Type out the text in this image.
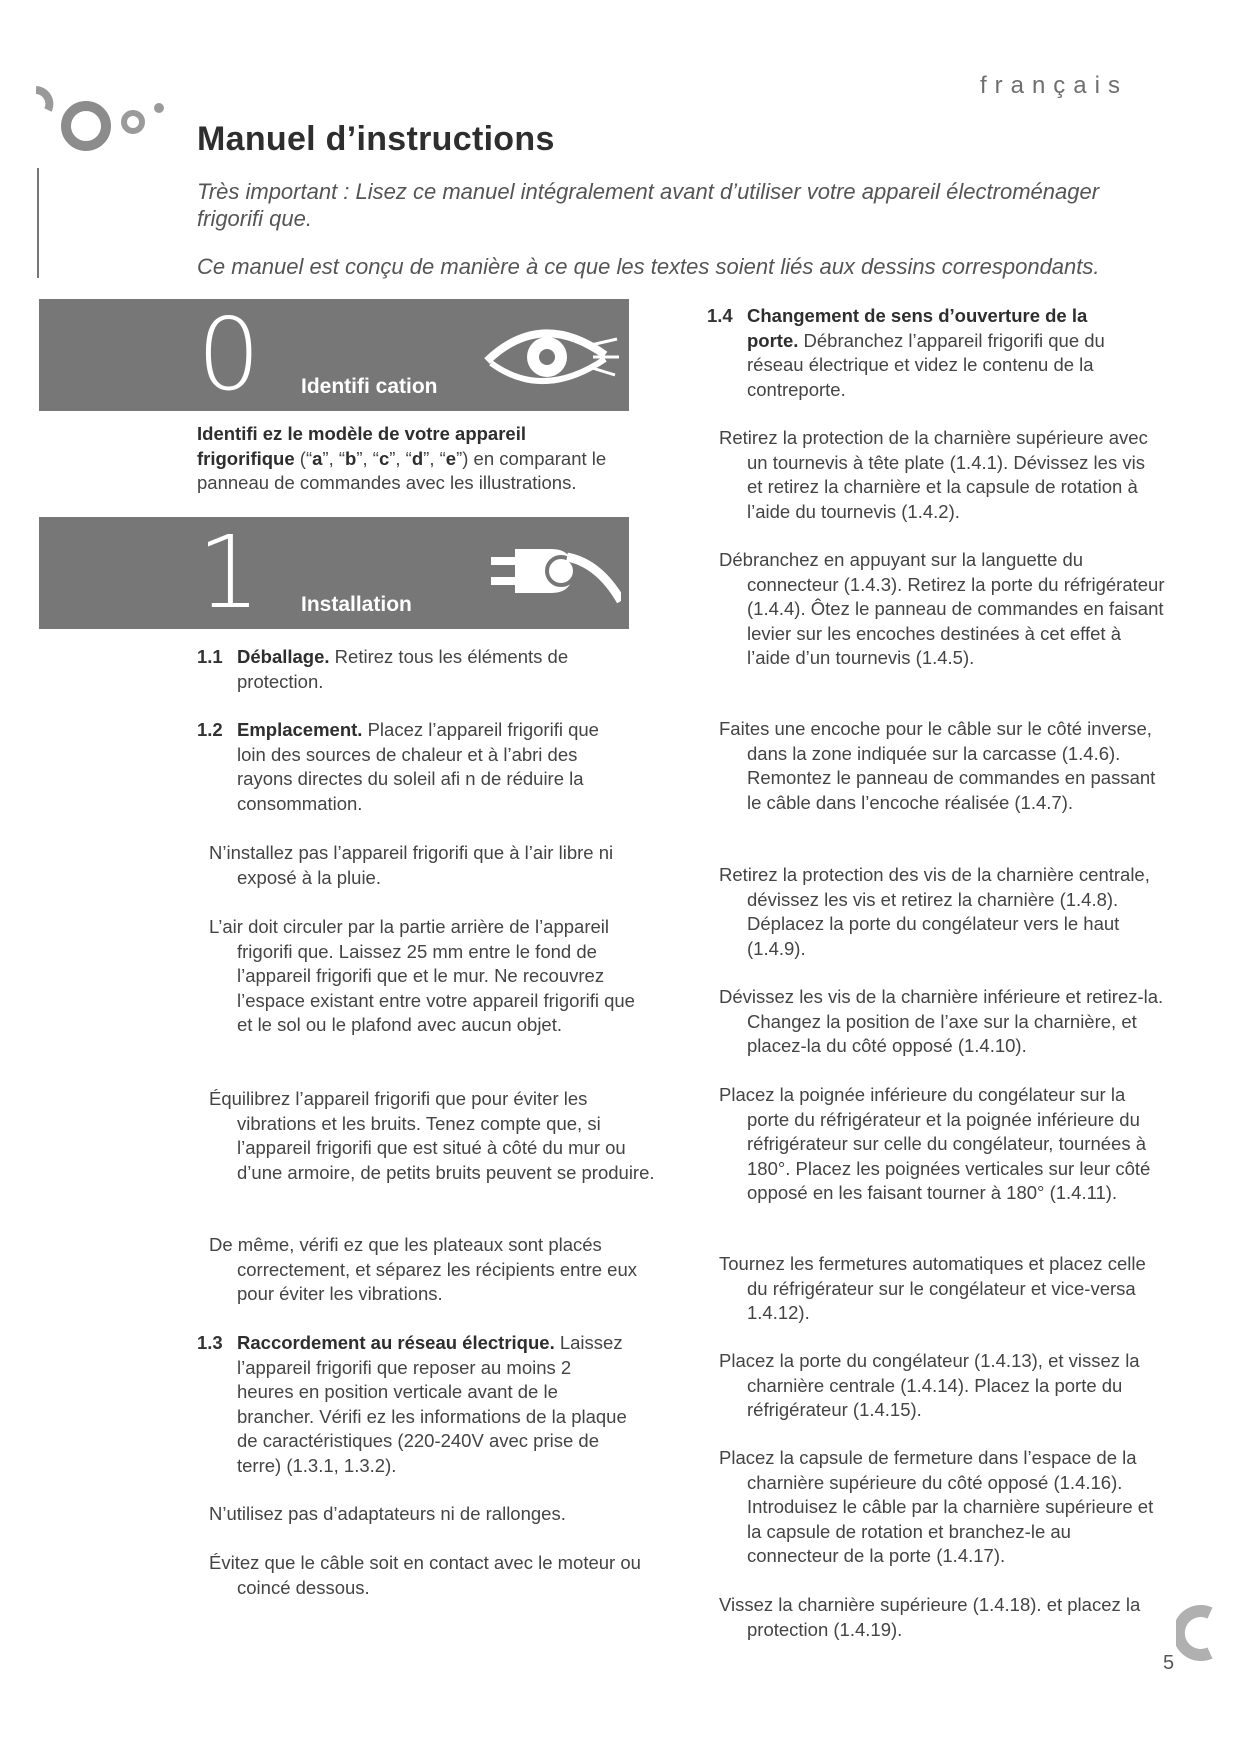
français
Manuel d’instructions
Très important : Lisez ce manuel intégralement avant d’utiliser votre appareil électroménager
frigorifi que.
Ce manuel est conçu de manière à ce que les textes soient liés aux dessins correspondants.
0 Identifi cation
Identifi ez le modèle de votre appareil frigorifique (“a”, “b”, “c”, “d”, “e”) en comparant le panneau de commandes avec les illustrations.
1 Installation
1.1 Déballage. Retirez tous les éléments de protection.
1.2 Emplacement. Placez l’appareil frigorifi que loin des sources de chaleur et à l’abri des rayons directes du soleil afi n de réduire la consommation.
N’installez pas l’appareil frigorifi que à l’air libre ni exposé à la pluie.
L’air doit circuler par la partie arrière de l’appareil frigorifi que. Laissez 25 mm entre le fond de l’appareil frigorifi que et le mur. Ne recouvrez l’espace existant entre votre appareil frigorifi que et le sol ou le plafond avec aucun objet.
Équilibrez l’appareil frigorifi que pour éviter les vibrations et les bruits. Tenez compte que, si l’appareil frigorifi que est situé à côté du mur ou d’une armoire, de petits bruits peuvent se produire.
De même, vérifi ez que les plateaux sont placés correctement, et séparez les récipients entre eux pour éviter les vibrations.
1.3 Raccordement au réseau électrique. Laissez l’appareil frigorifi que reposer au moins 2 heures en position verticale avant de le brancher. Vérifi ez les informations de la plaque de caractéristiques (220-240V avec prise de terre) (1.3.1, 1.3.2).
N’utilisez pas d’adaptateurs ni de rallonges.
Évitez que le câble soit en contact avec le moteur ou coincé dessous.
1.4 Changement de sens d’ouverture de la porte. Débranchez l’appareil frigorifi que du réseau électrique et videz le contenu de la contreporte.
Retirez la protection de la charnière supérieure avec un tournevis à tête plate (1.4.1). Dévissez les vis et retirez la charnière et la capsule de rotation à l’aide du tournevis (1.4.2).
Débranchez en appuyant sur la languette du connecteur (1.4.3). Retirez la porte du réfrigérateur (1.4.4). Ôtez le panneau de commandes en faisant levier sur les encoches destinées à cet effet à l’aide d’un tournevis (1.4.5).
Faites une encoche pour le câble sur le côté inverse, dans la zone indiquée sur la carcasse (1.4.6). Remontez le panneau de commandes en passant le câble dans l’encoche réalisée (1.4.7).
Retirez la protection des vis de la charnière centrale, dévissez les vis et retirez la charnière (1.4.8). Déplacez la porte du congélateur vers le haut (1.4.9).
Dévissez les vis de la charnière inférieure et retirez-la. Changez la position de l’axe sur la charnière, et placez-la du côté opposé (1.4.10).
Placez la poignée inférieure du congélateur sur la porte du réfrigérateur et la poignée inférieure du réfrigérateur sur celle du congélateur, tournées à 180°. Placez les poignées verticales sur leur côté opposé en les faisant tourner à 180° (1.4.11).
Tournez les fermetures automatiques et placez celle du réfrigérateur sur le congélateur et vice-versa 1.4.12).
Placez la porte du congélateur (1.4.13), et vissez la charnière centrale (1.4.14). Placez la porte du réfrigérateur (1.4.15).
Placez la capsule de fermeture dans l’espace de la charnière supérieure du côté opposé (1.4.16). Introduisez le câble par la charnière supérieure et la capsule de rotation et branchez-le au connecteur de la porte (1.4.17).
Vissez la charnière supérieure (1.4.18). et placez la protection (1.4.19).
5
